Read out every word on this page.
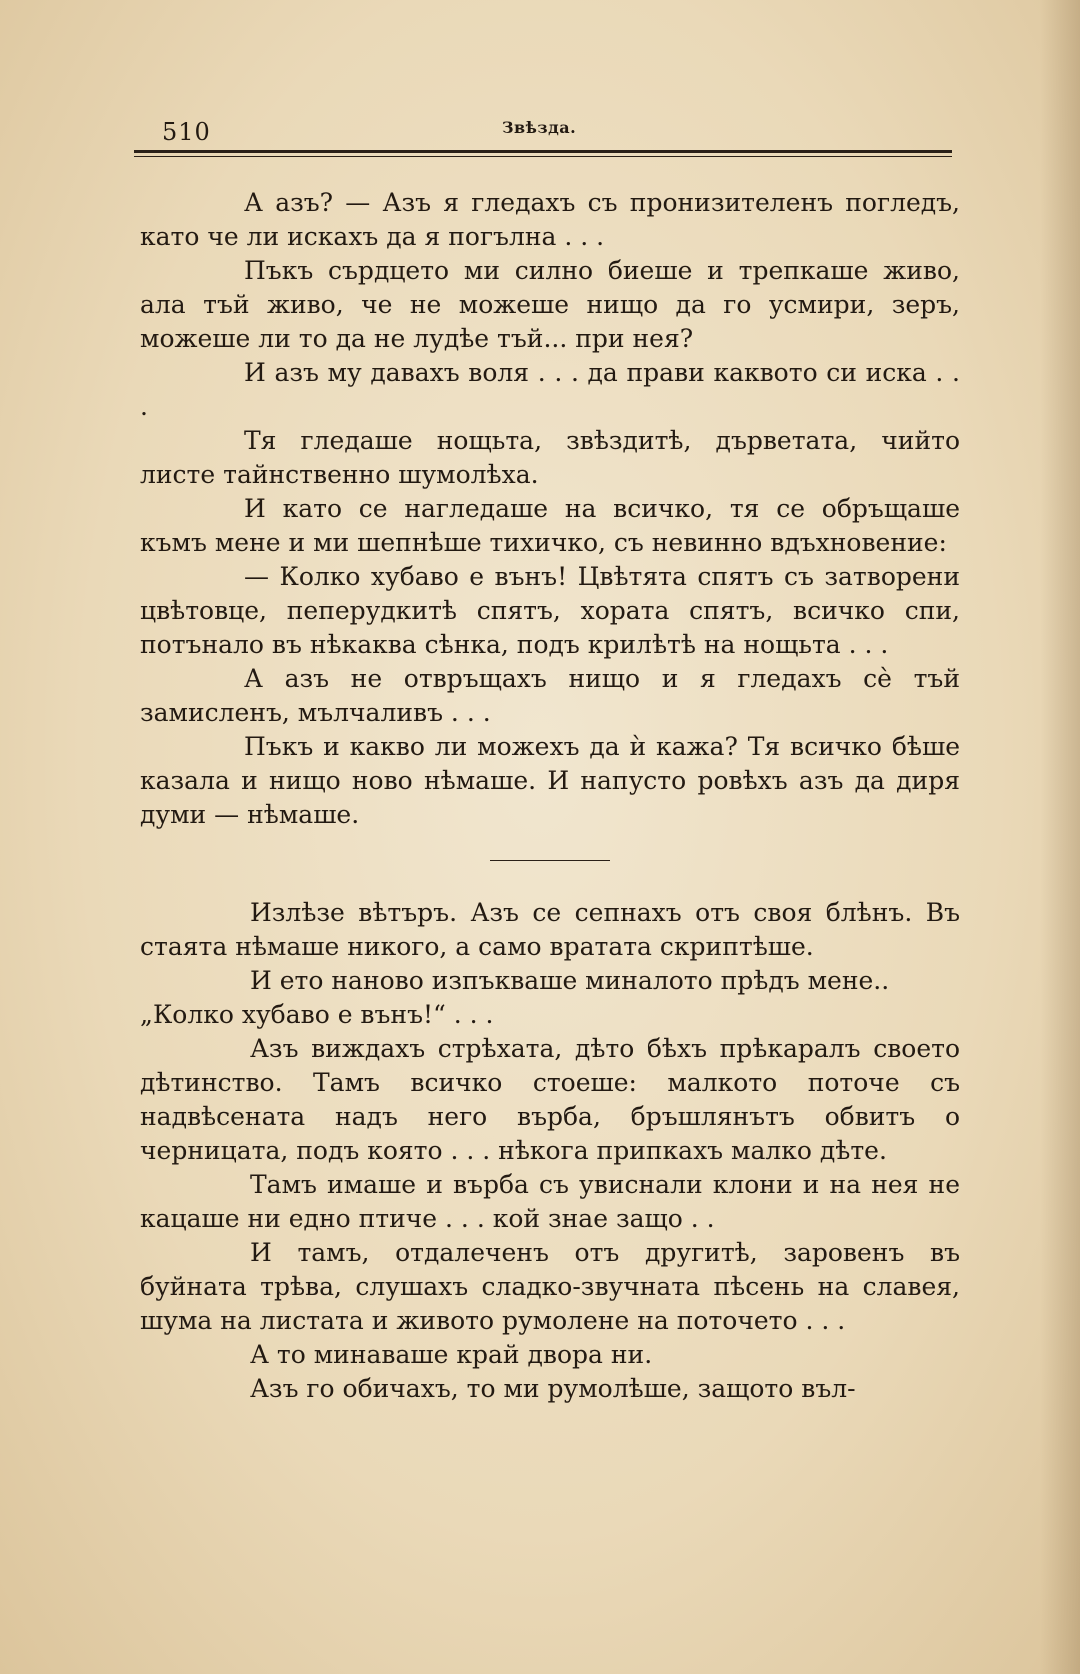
510	Звѣзда.

А азъ? — Азъ я гледахъ съ пронизителенъ погледъ, като че ли искахъ да я погълна . . .

Пъкъ сърдцето ми силно биеше и трепкаше живо, ала тъй живо, че не можеше нищо да го усмири, зеръ, можеше ли то да не лудѣе тъй... при нея?

И азъ му давахъ воля . . . да прави каквото си иска . . .

Тя гледаше нощьта, звѣздитѣ, дърветата, чийто листе тайнственно шумолѣха.

И като се нагледаше на всичко, тя се обръщаше къмъ мене и ми шепнѣше тихичко, съ невинно вдъхновение:

— Колко хубаво е вънъ! Цвѣтята спятъ съ затворени цвѣтовце, пеперудкитѣ спятъ, хората спятъ, всичко спи, потънало въ нѣкаква сѣнка, подъ крилѣтѣ на нощьта . . .

А азъ не отвръщахъ нищо и я гледахъ сѐ тъй замисленъ, мълчаливъ . . .

Пъкъ и какво ли можехъ да ѝ кажа? Тя всичко бѣше казала и нищо ново нѣмаше. И напусто ровѣхъ азъ да диря думи — нѣмаше.

Излѣзе вѣтъръ. Азъ се сепнахъ отъ своя блѣнъ. Въ стаята нѣмаше никого, а само вратата скриптѣше.

И ето наново изпъкваше миналото прѣдъ мене..

„Колко хубаво е вънъ!“ . . .

Азъ виждахъ стрѣхата, дѣто бѣхъ прѣкаралъ своето дѣтинство. Тамъ всичко стоеше: малкото поточе съ надвѣсената надъ него върба, бръшлянътъ обвитъ о черницата, подъ която . . . нѣкога припкахъ малко дѣте.

Тамъ имаше и върба съ увиснали клони и на нея не кацаше ни едно птиче . . . кой знае защо . .

И тамъ, отдалеченъ отъ другитѣ, заровенъ въ буйната трѣва, слушахъ сладко-звучната пѣсень на славея, шума на листата и живото румолене на поточето . . .

А то минаваше край двора ни.

Азъ го обичахъ, то ми румолѣше, защото въл-
